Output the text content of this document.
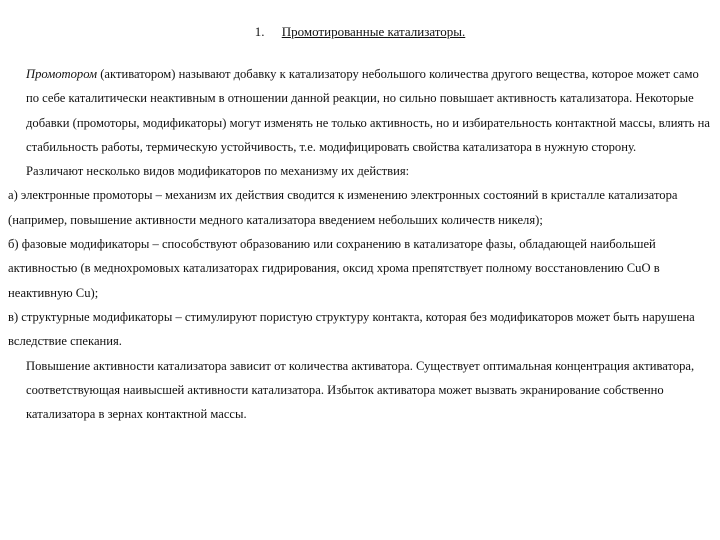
1. Промотированные катализаторы.

Промотором (активатором) называют добавку к катализатору небольшого количества другого вещества, которое может само по себе каталитически неактивным в отношении данной реакции, но сильно повышает активность катализатора. Некоторые добавки (промоторы, модификаторы) могут изменять не только активность, но и избирательность контактной массы, влиять на стабильность работы, термическую устойчивость, т.е. модифицировать свойства катализатора в нужную сторону.

Различают несколько видов модификаторов по механизму их действия:

а) электронные промоторы – механизм их действия сводится к изменению электронных состояний в кристалле катализатора (например, повышение активности медного катализатора введением небольших количеств никеля);

б) фазовые модификаторы – способствуют образованию или сохранению в катализаторе фазы, обладающей наибольшей активностью (в меднохромовых катализаторах гидрирования, оксид хрома препятствует полному восстановлению CuO в неактивную Cu);

в) структурные модификаторы – стимулируют пористую структуру контакта, которая без модификаторов может быть нарушена вследствие спекания.

Повышение активности катализатора зависит от количества активатора. Существует оптимальная концентрация активатора, соответствующая наивысшей активности катализатора. Избыток активатора может вызвать экранирование собственно катализатора в зернах контактной массы.
